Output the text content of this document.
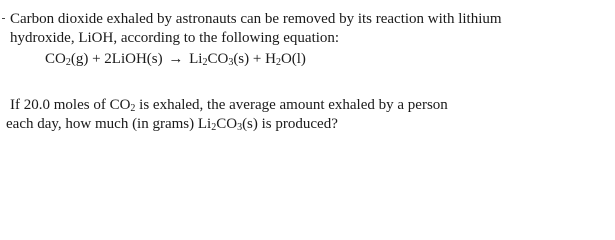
Carbon dioxide exhaled by astronauts can be removed by its reaction with lithium
hydroxide, LiOH, according to the following equation:
$CO_2(g)$ + 2LiOH(s) → $Li_2CO_3(s) + H_2O(l)$
If 20.0 moles of $CO_2$ is exhaled, the average amount exhaled by a person
each day, how much (in grams) $Li_2CO_3(s)$ is produced?
